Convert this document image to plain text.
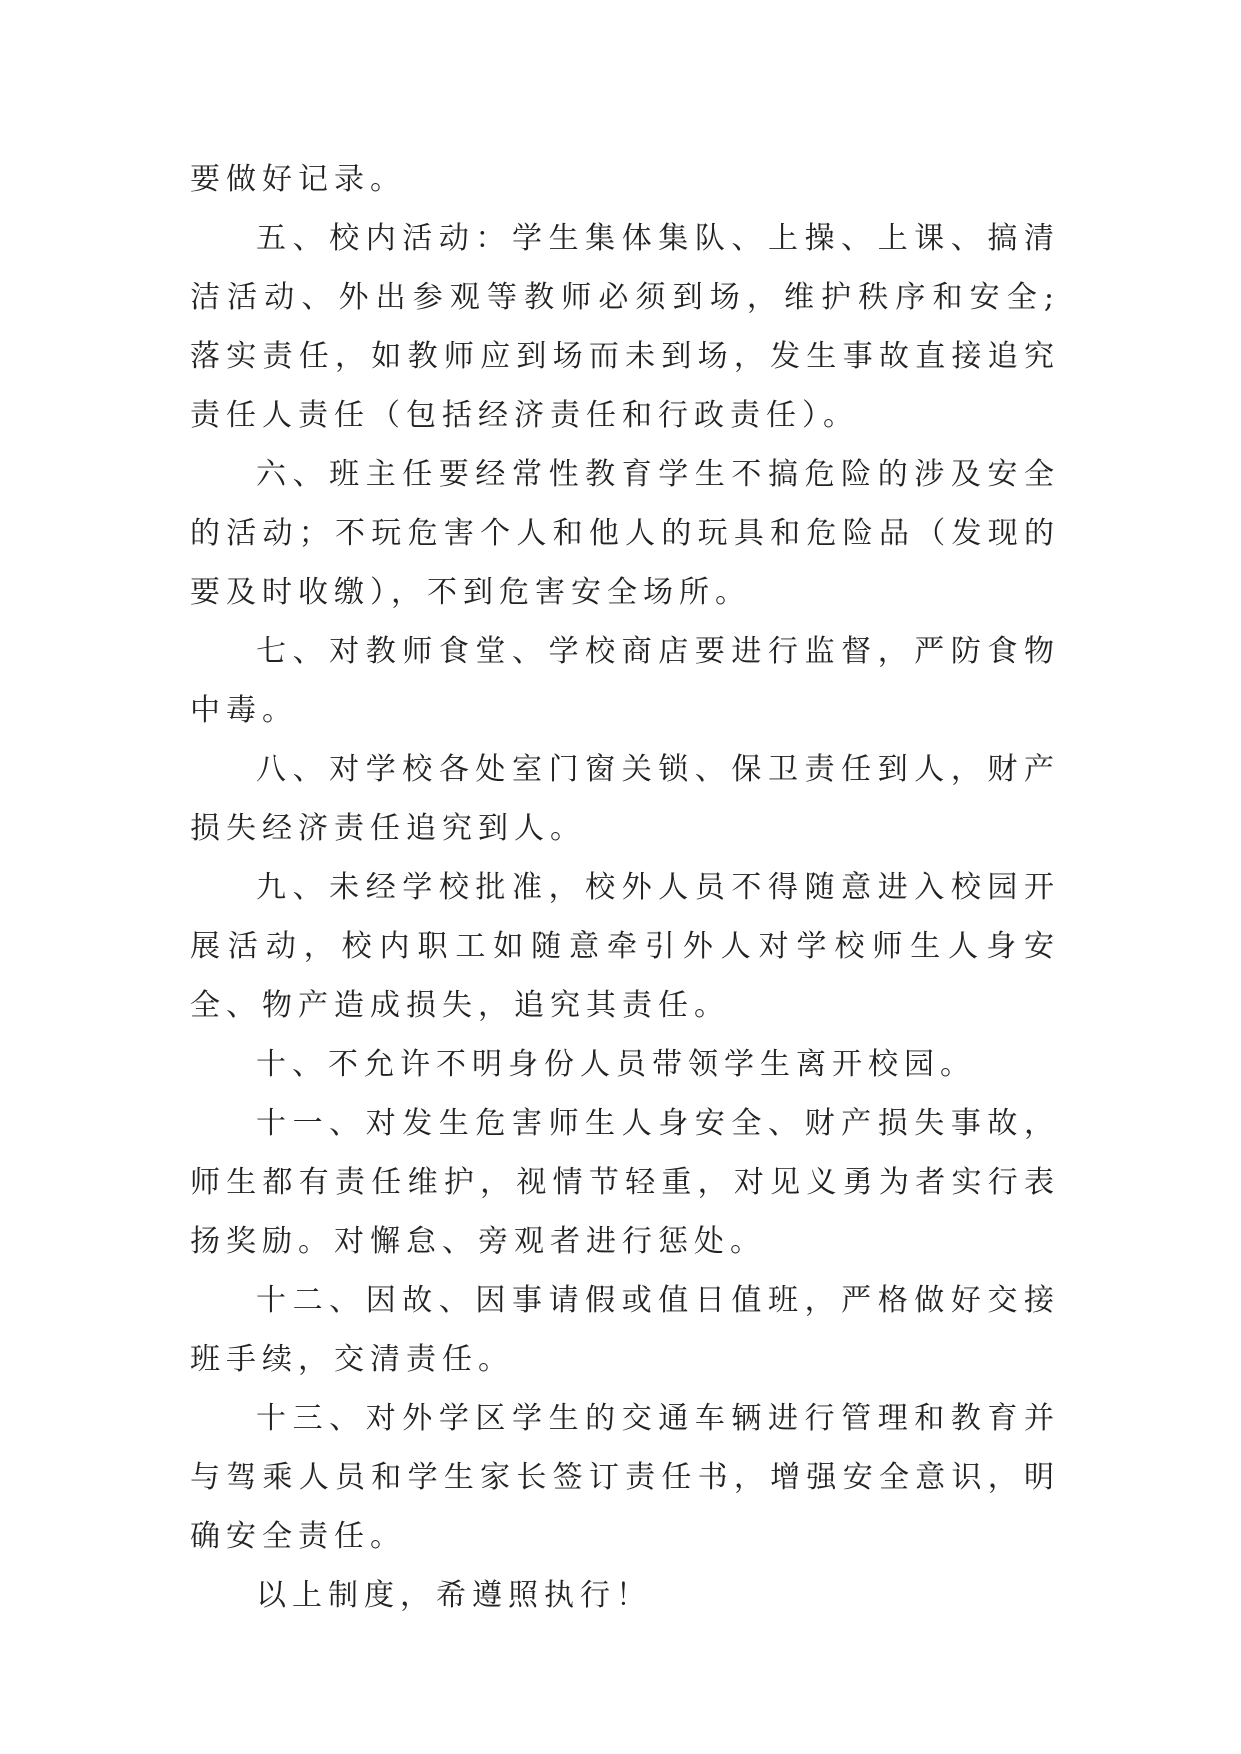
要做好记录。

五、校内活动：学生集体集队、上操、上课、搞清洁活动、外出参观等教师必须到场，维护秩序和安全;落实责任，如教师应到场而未到场，发生事故直接追究责任人责任（包括经济责任和行政责任）。

六、班主任要经常性教育学生不搞危险的涉及安全的活动；不玩危害个人和他人的玩具和危险品（发现的要及时收缴），不到危害安全场所。

七、对教师食堂、学校商店要进行监督，严防食物中毒。

八、对学校各处室门窗关锁、保卫责任到人，财产损失经济责任追究到人。

九、未经学校批准，校外人员不得随意进入校园开展活动，校内职工如随意牵引外人对学校师生人身安全、物产造成损失，追究其责任。

十、不允许不明身份人员带领学生离开校园。

十一、对发生危害师生人身安全、财产损失事故，师生都有责任维护，视情节轻重，对见义勇为者实行表扬奖励。对懈怠、旁观者进行惩处。

十二、因故、因事请假或值日值班，严格做好交接班手续，交清责任。

十三、对外学区学生的交通车辆进行管理和教育并与驾乘人员和学生家长签订责任书，增强安全意识，明确安全责任。

以上制度，希遵照执行！
